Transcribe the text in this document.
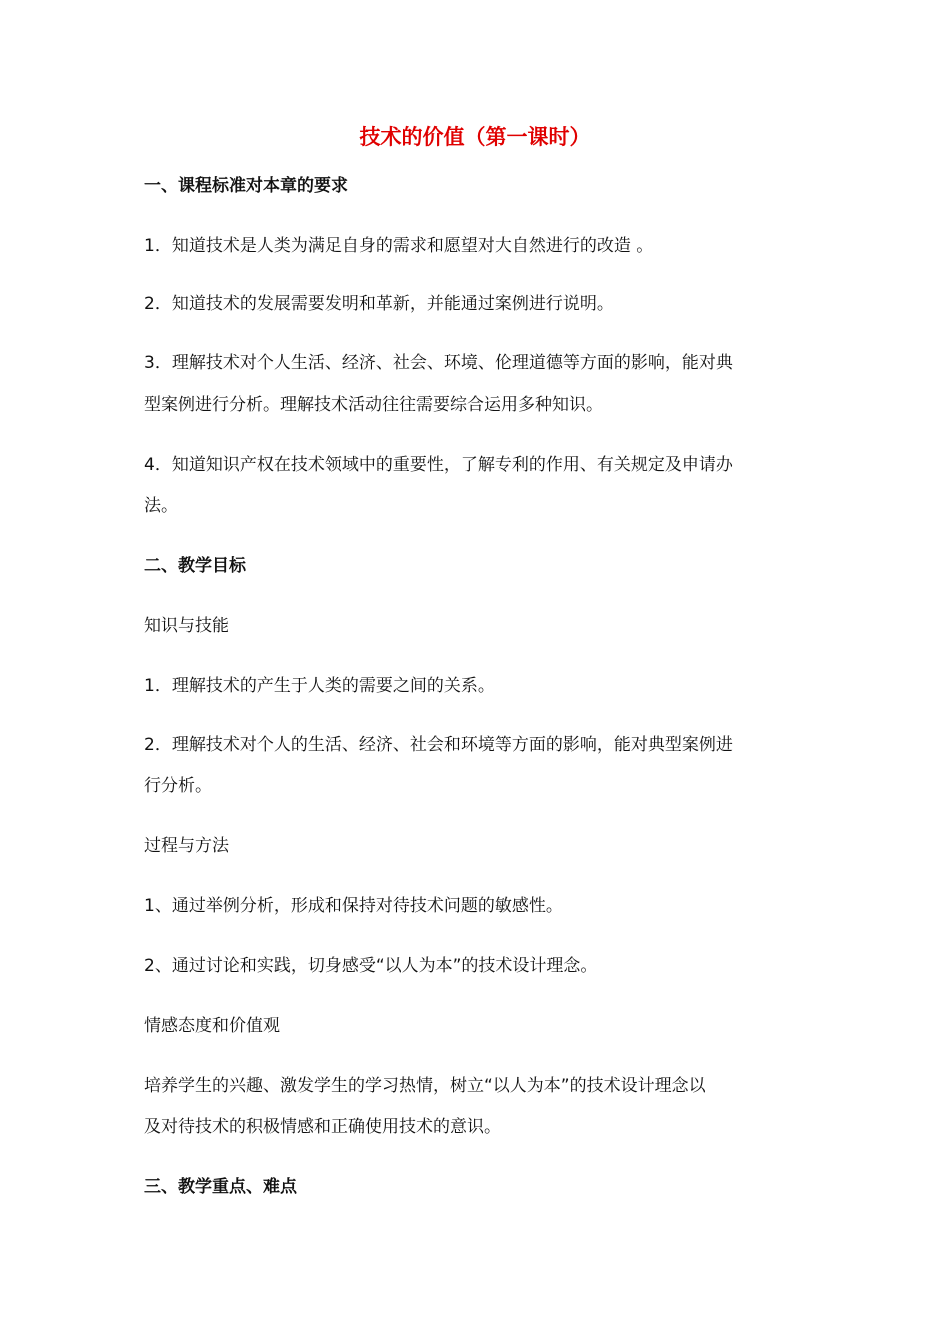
技术的价值（第一课时）
一、课程标准对本章的要求
1．知道技术是人类为满足自身的需求和愿望对大自然进行的改造 。
2．知道技术的发展需要发明和革新，并能通过案例进行说明。
3．理解技术对个人生活、经济、社会、环境、伦理道德等方面的影响，能对典
型案例进行分析。理解技术活动往往需要综合运用多种知识。
4．知道知识产权在技术领域中的重要性，了解专利的作用、有关规定及申请办
法。
二、教学目标
知识与技能
1．理解技术的产生于人类的需要之间的关系。
2．理解技术对个人的生活、经济、社会和环境等方面的影响，能对典型案例进
行分析。
过程与方法
1、通过举例分析，形成和保持对待技术问题的敏感性。
2、通过讨论和实践，切身感受“以人为本”的技术设计理念。
情感态度和价值观
培养学生的兴趣、激发学生的学习热情，树立“以人为本”的技术设计理念以
及对待技术的积极情感和正确使用技术的意识。
三、教学重点、难点
